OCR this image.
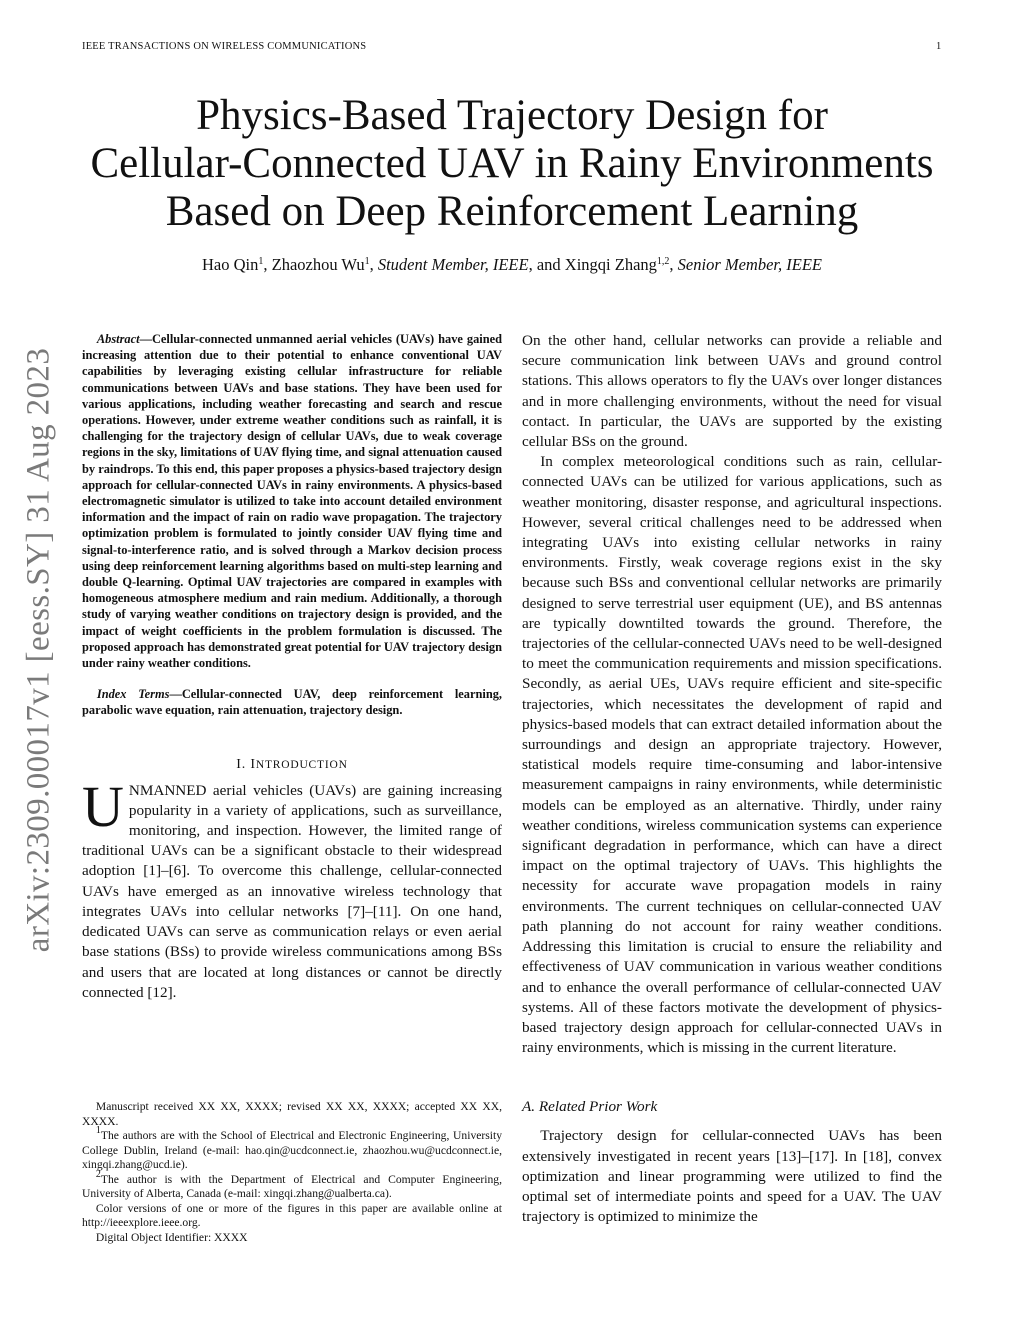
IEEE TRANSACTIONS ON WIRELESS COMMUNICATIONS	1
Physics-Based Trajectory Design for
Cellular-Connected UAV in Rainy Environments
Based on Deep Reinforcement Learning

Hao Qin$^1$, Zhaozhou Wu$^1$, Student Member, IEEE, and Xingqi Zhang$^{1,2}$, Senior Member, IEEE

arXiv:2309.00017v1 [eess.SY] 31 Aug 2023

Abstract—Cellular-connected unmanned aerial vehicles (UAVs) have gained increasing attention due to their potential to enhance conventional UAV capabilities by leveraging existing cellular infrastructure for reliable communications between UAVs and base stations. They have been used for various applications, including weather forecasting and search and rescue operations. However, under extreme weather conditions such as rainfall, it is challenging for the trajectory design of cellular UAVs, due to weak coverage regions in the sky, limitations of UAV flying time, and signal attenuation caused by raindrops. To this end, this paper proposes a physics-based trajectory design approach for cellular-connected UAVs in rainy environments. A physics-based electromagnetic simulator is utilized to take into account detailed environment information and the impact of rain on radio wave propagation. The trajectory optimization problem is formulated to jointly consider UAV flying time and signal-to-interference ratio, and is solved through a Markov decision process using deep reinforcement learning algorithms based on multi-step learning and double Q-learning. Optimal UAV trajectories are compared in examples with homogeneous atmosphere medium and rain medium. Additionally, a thorough study of varying weather conditions on trajectory design is provided, and the impact of weight coefficients in the problem formulation is discussed. The proposed approach has demonstrated great potential for UAV trajectory design under rainy weather conditions.

Index Terms—Cellular-connected UAV, deep reinforcement learning, parabolic wave equation, rain attenuation, trajectory design.

I. INTRODUCTION

UNMANNED aerial vehicles (UAVs) are gaining increasing popularity in a variety of applications, such as surveillance, monitoring, and inspection. However, the limited range of traditional UAVs can be a significant obstacle to their widespread adoption [1]–[6]. To overcome this challenge, cellular-connected UAVs have emerged as an innovative wireless technology that integrates UAVs into cellular networks [7]–[11]. On one hand, dedicated UAVs can serve as communication relays or even aerial base stations (BSs) to provide wireless communications among BSs and users that are located at long distances or cannot be directly connected [12].

Manuscript received XX XX, XXXX; revised XX XX, XXXX; accepted XX XX, XXXX.

$^1$The authors are with the School of Electrical and Electronic Engineering, University College Dublin, Ireland (e-mail: hao.qin@ucdconnect.ie, zhaozhou.wu@ucdconnect.ie, xingqi.zhang@ucd.ie).

$^2$The author is with the Department of Electrical and Computer Engineering, University of Alberta, Canada (e-mail: xingqi.zhang@ualberta.ca).

Color versions of one or more of the figures in this paper are available online at http://ieeexplore.ieee.org.

Digital Object Identifier: XXXX

On the other hand, cellular networks can provide a reliable and secure communication link between UAVs and ground control stations. This allows operators to fly the UAVs over longer distances and in more challenging environments, without the need for visual contact. In particular, the UAVs are supported by the existing cellular BSs on the ground.

In complex meteorological conditions such as rain, cellular-connected UAVs can be utilized for various applications, such as weather monitoring, disaster response, and agricultural inspections. However, several critical challenges need to be addressed when integrating UAVs into existing cellular networks in rainy environments. Firstly, weak coverage regions exist in the sky because such BSs and conventional cellular networks are primarily designed to serve terrestrial user equipment (UE), and BS antennas are typically downtilted towards the ground. Therefore, the trajectories of the cellular-connected UAVs need to be well-designed to meet the communication requirements and mission specifications. Secondly, as aerial UEs, UAVs require efficient and site-specific trajectories, which necessitates the development of rapid and physics-based models that can extract detailed information about the surroundings and design an appropriate trajectory. However, statistical models require time-consuming and labor-intensive measurement campaigns in rainy environments, while deterministic models can be employed as an alternative. Thirdly, under rainy weather conditions, wireless communication systems can experience significant degradation in performance, which can have a direct impact on the optimal trajectory of UAVs. This highlights the necessity for accurate wave propagation models in rainy environments. The current techniques on cellular-connected UAV path planning do not account for rainy weather conditions. Addressing this limitation is crucial to ensure the reliability and effectiveness of UAV communication in various weather conditions and to enhance the overall performance of cellular-connected UAV systems. All of these factors motivate the development of physics-based trajectory design approach for cellular-connected UAVs in rainy environments, which is missing in the current literature.

A. Related Prior Work

Trajectory design for cellular-connected UAVs has been extensively investigated in recent years [13]–[17]. In [18], convex optimization and linear programming were utilized to find the optimal set of intermediate points and speed for a UAV. The UAV trajectory is optimized to minimize the
